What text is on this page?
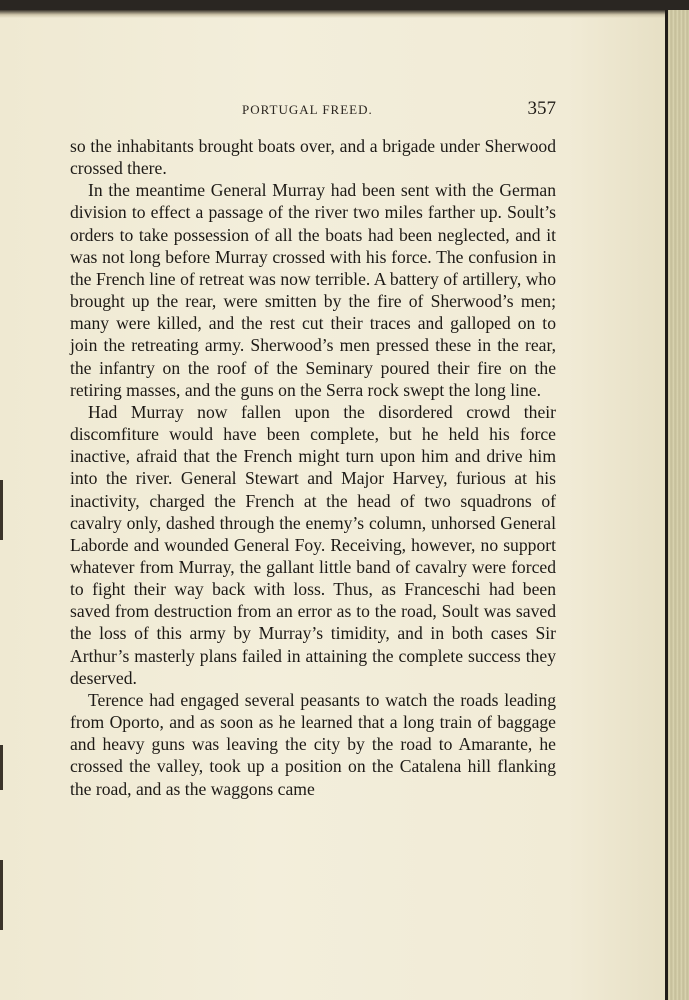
PORTUGAL FREED.	357

so the inhabitants brought boats over, and a brigade under Sherwood crossed there.

In the meantime General Murray had been sent with the German division to effect a passage of the river two miles farther up. Soult’s orders to take possession of all the boats had been neglected, and it was not long before Murray crossed with his force. The confusion in the French line of retreat was now terrible. A battery of artillery, who brought up the rear, were smitten by the fire of Sherwood’s men; many were killed, and the rest cut their traces and galloped on to join the retreating army. Sherwood’s men pressed these in the rear, the infantry on the roof of the Seminary poured their fire on the retiring masses, and the guns on the Serra rock swept the long line.

Had Murray now fallen upon the disordered crowd their discomfiture would have been complete, but he held his force inactive, afraid that the French might turn upon him and drive him into the river. General Stewart and Major Harvey, furious at his inactivity, charged the French at the head of two squadrons of cavalry only, dashed through the enemy’s column, unhorsed General Laborde and wounded General Foy. Receiving, however, no support whatever from Murray, the gallant little band of cavalry were forced to fight their way back with loss. Thus, as Franceschi had been saved from destruction from an error as to the road, Soult was saved the loss of this army by Murray’s timidity, and in both cases Sir Arthur’s masterly plans failed in attaining the complete success they deserved.

Terence had engaged several peasants to watch the roads leading from Oporto, and as soon as he learned that a long train of baggage and heavy guns was leaving the city by the road to Amarante, he crossed the valley, took up a position on the Catalena hill flanking the road, and as the waggons came
